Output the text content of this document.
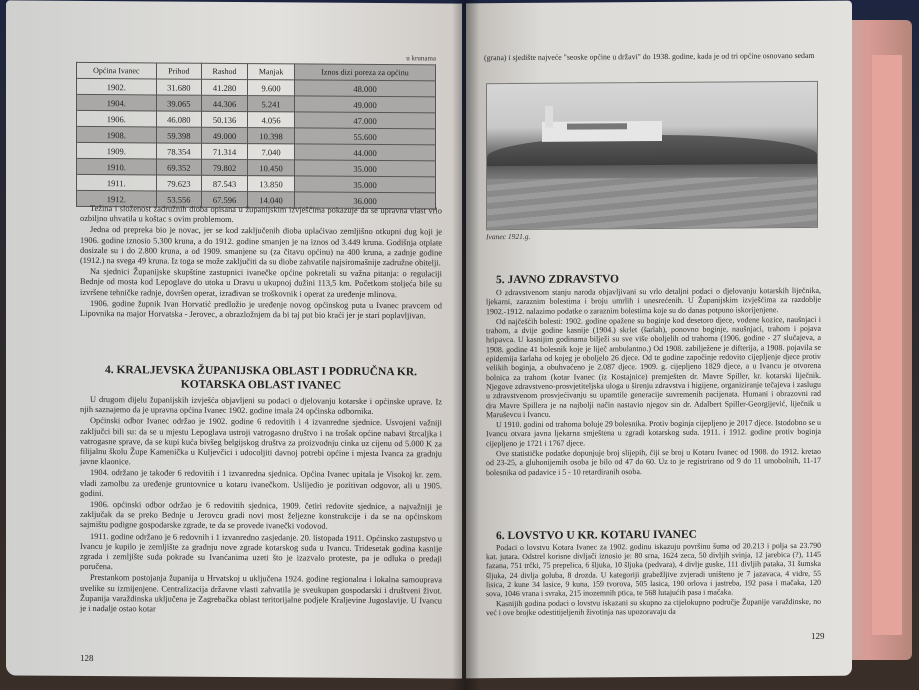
u krunama
Općina Ivanec	Prihod	Rashod	Manjak	Iznos dizi poreza za općinu
1902.	31.680	41.280	9.600	48.000
1904.	39.065	44.306	5.241	49.000
1906.	46.080	50.136	4.056	47.000
1908.	59.398	49.000	10.398	55.600
1909.	78.354	71.314	7.040	44.000
1910.	69.352	79.802	10.450	35.000
1911.	79.623	87.543	13.850	35.000
1912.	53.556	67.596	14.040	36.000

Težina i složenost zadružnih dioba opisana u županijskim izvješćima pokazuje da se upravna vlast vrlo ozbiljno uhvatila u koštac s ovim problemom.

Jedna od prepreka bio je novac, jer se kod zaključenih dioba uplaćivao zemljišno otkupni dug koji je 1906. godine iznosio 5.300 kruna, a do 1912. godine smanjen je na iznos od 3.449 kruna. Godišnja otplate dosizale su i do 2.800 kruna, a od 1909. smanjene su (za čitavu općinu) na 400 kruna, a zadnje godine (1912.) na svega 49 kruna. Iz toga se može zaključiti da su diobe zahvatile najsiromašnije zadružne obitelji.

Na sjednici Županijske skupštine zastupnici ivanečke općine pokretali su važna pitanja: o regulaciji Bednje od mosta kod Lepoglave do utoka u Dravu u ukupnoj dužini 113,5 km. Početkom stoljeća bile su izvršene tehničke radnje, dovršen operat, izrađivan se troškovnik i operat za uređenje mlinova.

1906. godine župnik Ivan Horvatić predložio je uređenje novog općinskog puta u Ivanec pravcem od Lipovnika na major Horvatska - Jerovec, a obrazložnjem da bi taj put bio kraći jer je stari poplavljivan.

4. KRALJEVSKA ŽUPANIJSKA OBLAST I PODRUČNA KR. KOTARSKA OBLAST IVANEC

U drugom dijelu županijskih izvješća objavljeni su podaci o djelovanju kotarske i općinske uprave. Iz njih saznajemo da je upravna općina Ivanec 1902. godine imala 24 općinska odbornika.

Općinski odbor Ivanec održao je 1902. godine 6 redovitih i 4 izvanredne sjednice. Usvojeni važniji zaključci bili su: da se u mjestu Lepoglava ustroji vatrogasno društvo i na trošak općine nabavi štrcaljka i vatrogasne sprave, da se kupi kuća bivšeg belgijskog društva za proizvodnju cinka uz cijenu od 5.000 K za filijalnu školu Župe Kamenička u Kuljevčici i udocoljiti davnoj potrebi općine i mjesta Ivanca za gradnju javne klaonice.

1904. održano je također 6 redovitih i 1 izvanredna sjednica. Općina Ivanec upitala je Visokoj kr. zem. vladi zamolbu za uređenje gruntovnice u kotaru ivanečkom. Uslijedio je pozitivan odgovor, ali u 1905. godini.

1906. općinski odbor održao je 6 redovitih sjednica, 1909. četiri redovite sjednice, a najvažniji je zaključak da se preko Bednje u Jerovcu gradi novi most željezne konstrukcije i da se na općinskom sajmištu podigne gospodarske zgrade, te da se provede ivanečki vodovod.

1911. godine održano je 6 redovnih i 1 izvanredno zasjedanje. 20. listopada 1911. Općinsko zastupstvo u Ivancu je kupilo je zemljište za gradnju nove zgrade kotarskog suda u Ivancu. Tridesetak godina kasnije zgrada i zemljište suda pokrade su Ivanćanima uzeti što je izazvalo proteste, pa je odluka o predaji poručena.

Prestankom postojanja županija u Hrvatskoj u uključena 1924. godine regionalna i lokalna samouprava uvelike su izmijenjene. Centralizacija državne vlasti zahvatila je sveukupan gospodarski i društveni život. Županija varaždinska uključena je Zagrebačka oblast teritorijalne podjele Kraljevine Jugoslavije. U Ivancu je i nadalje ostao kotar

128
(grana) i sjedište najveće "seoske općine u državi" do 1938. godine, kada je od tri općine osnovano sedam
Ivanec 1921.g.
5. JAVNO ZDRAVSTVO

O zdravstvenom stanju naroda objavljivani su vrlo detaljni podaci o djelovanju kotarskih liječnika, ljekarni, zaraznim bolestima i broju umrlih i unesrećenih. U Županijskim izvješćima za razdoblje 1902.-1912. nalazimo podatke o zaraznim bolestima koje su do danas potpuno iskorijenjene.

Od najčešćih bolesti: 1902. godine opažene su boginje kod desetoro djece, vodene kozice, naušnjaci i trahom, a dvije godine kasnije (1904.) skrlet (šarlah), ponovno boginje, naušnjaci, trahom i pojava hripavca. U kasnijim godinama bilježi su sve više oboljelih od trahoma (1906. godine - 27 slučajeva, a 1908. godine 41 bolesnik koje je liječ ambulantno.) Od 1908. zabilježene je difterija, a 1908. pojavila se epidemija šarlaha od kojeg je oboljelo 26 djece. Od te godine započinje redovito cijepljenje djece protiv velikih boginja, a obuhvaćeno je 2.087 djece. 1909. g. cijepljeno 1829 djece, a u Ivancu je otvorena bolnica za trahom (kotar Ivanec (iz Kostajnice) premješten dr. Mavre Spiller, kr. kotarski liječnik. Njegove zdravstveno-prosvjetiteljska uloga u širenju zdravstva i higijene, organiziranje tečajeva i zaslugu u zdravstvenom prosvjećivanju su upamtile generacije suvremenih pacijenata. Humani i obrazovni rad dra Mavre Spillera je na najbolji način nastavio njegov sin dr. Adalbert Spiller-Georgijević, liječnik u Maruševcu i Ivancu.

U 1910. godini od trahoma boluje 29 bolesnika. Protiv boginja cijepljeno je 2017 djece. Istodobno se u Ivancu otvara javna ljekarna smještena u zgradi kotarskog suda. 1911. i 1912. godine protiv boginja cijepljeno je 1721 i 1767 djece.

Ove statističke podatke dopunjuje broj slijepih, čiji se broj u Kotaru Ivanec od 1908. do 1912. kretao od 23-25, a gluhonijemih osoba je bilo od 47 do 60. Uz to je registrirano od 9 do 11 umobolnih, 11-17 bolesnika od padavice i 5 - 10 retardiranih osoba.

6. LOVSTVO U KR. KOTARU IVANEC

Podaci o lovstvu Kotara Ivanec za 1902. godinu iskazuju površinu šuma od 20.213 i polja sa 23.790 kat. jutara. Odstrel korisne divljači iznosio je: 80 srna, 1624 zeca, 50 divljih svinja, 12 jarebica (?), 1145 fazana, 751 trčki, 75 prepelica, 6 šljuka, 10 šljuka (pedvara), 4 divlje guske, 111 divljih pataka, 31 šumska šljuka, 24 divlja goluba, 8 drozda. U kategoriji grabežljive zvjeradi uništeno je 7 jazavaca, 4 vidre, 55 lisica, 2 kune 34 lasice, 9 kuna, 159 tvorova, 505 lasica, 190 orlova i jastreba, 192 pasa i mačaka, 120 sova, 1046 vrana i svraka, 215 inozemnih ptica, te 568 lutajućih pasa i mačaka.

Kasnijih godina podaci o lovstvu iskazani su skupno za cijelokupno područje Županije varaždinske, no već i ove brojke odestitijeljenih životinja nas upozoravaju da

129
